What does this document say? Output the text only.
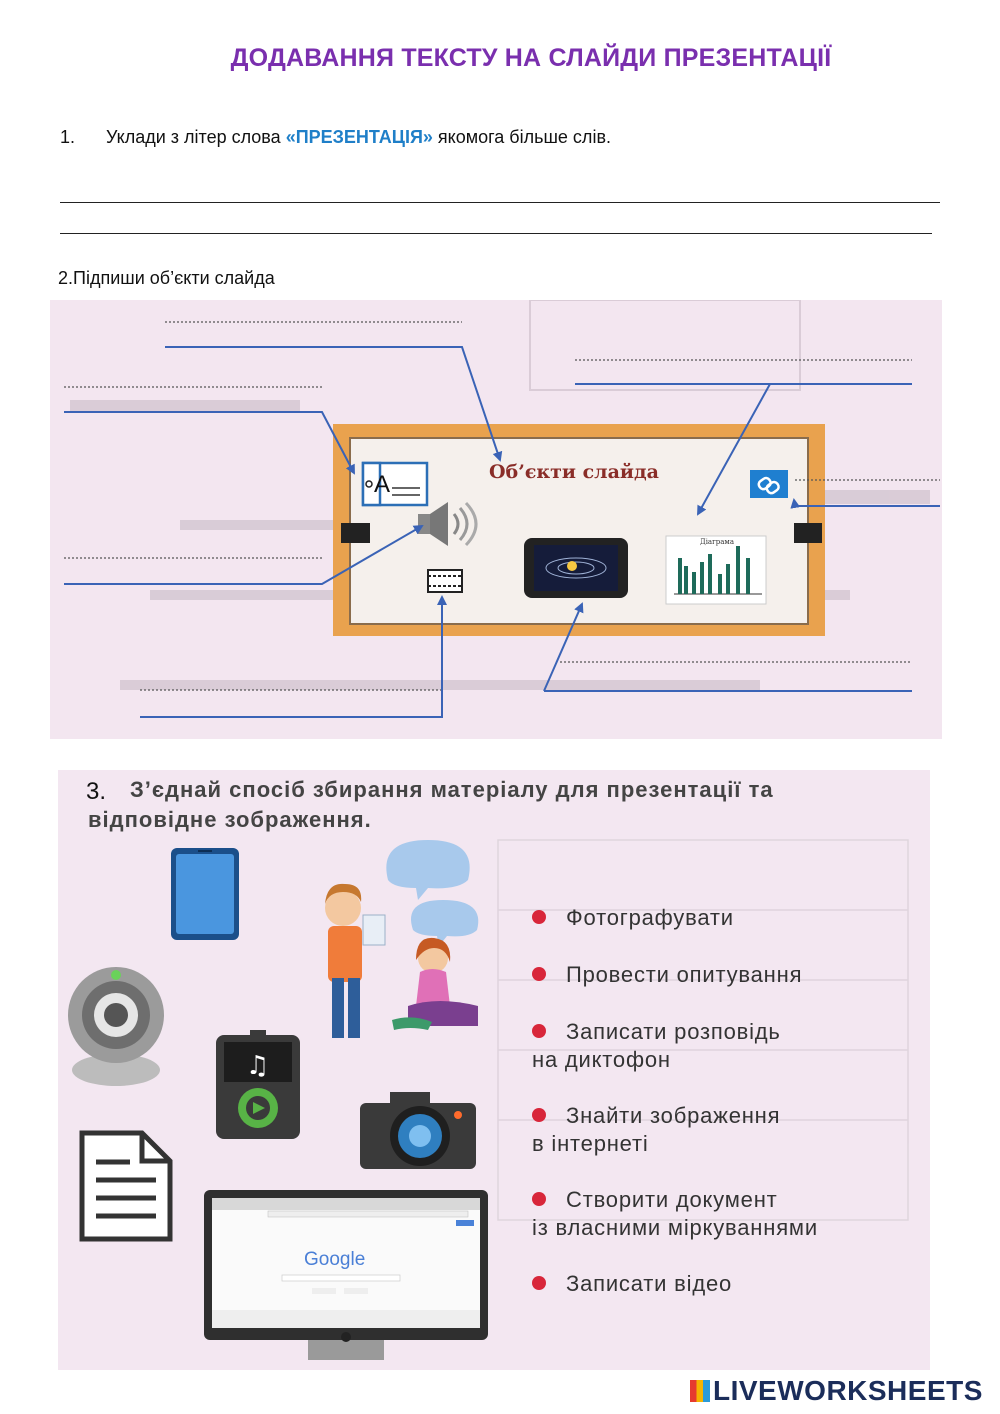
ДОДАВАННЯ ТЕКСТУ НА СЛАЙДИ ПРЕЗЕНТАЦІЇ
1. Уклади з літер слова «ПРЕЗЕНТАЦІЯ» якомога більше слів.
2.Підпиши об’єкти слайда
Об’єкти слайда
A
Діаграма
♫
Google
3.	З’єднай спосіб збирання матеріалу для презентації та
відповідне зображення.
Фотографувати
Провести опитування
Записати розповідь
на диктофон
Знайти зображення
в інтернеті
Створити документ
із власними міркуваннями
Записати відео
LIVEWORKSHEETS
